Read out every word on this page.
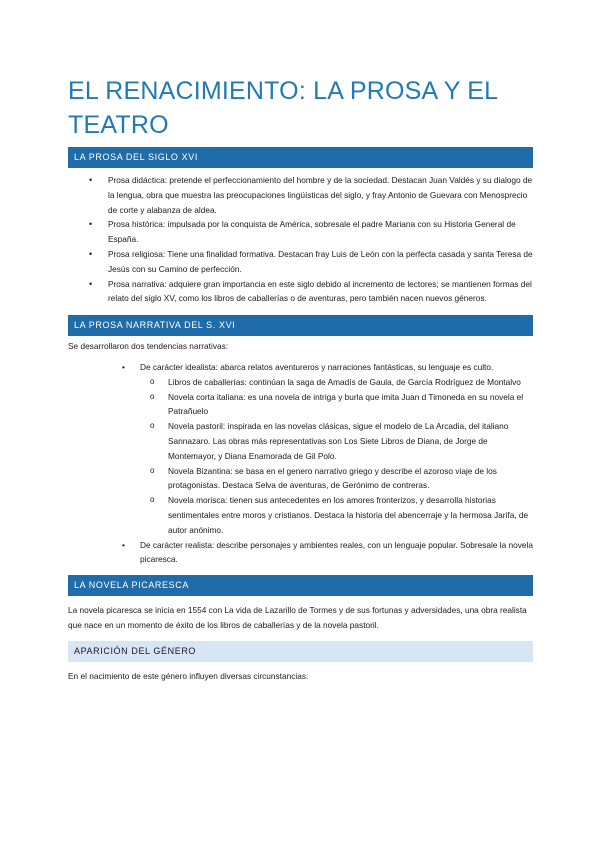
EL RENACIMIENTO: LA PROSA Y EL TEATRO
LA PROSA DEL SIGLO XVI
• Prosa didáctica: pretende el perfeccionamiento del hombre y de la sociedad. Destacan Juan Valdés y su dialogo de la lengua, obra que muestra las preocupaciones lingüísticas del siglo, y fray Antonio de Guevara con Menosprecio de corte y alabanza de aldea.
• Prosa histórica: impulsada por la conquista de América, sobresale el padre Mariana con su Historia General de España.
• Prosa religiosa: Tiene una finalidad formativa. Destacan fray Luis de León con la perfecta casada y santa Teresa de Jesús con su Camino de perfección.
• Prosa narrativa: adquiere gran importancia en este siglo debido al incremento de lectores; se mantienen formas del relato del siglo XV, como los libros de caballerías o de aventuras, pero también nacen nuevos géneros.
LA PROSA NARRATIVA DEL S. XVI
Se desarrollaron dos tendencias narrativas:
• De carácter idealista: abarca relatos aventureros y narraciones fantásticas, su lenguaje es culto.
o Libros de caballerías: continúan la saga de Amadís de Gaula, de García Rodríguez de Montalvo
o Novela corta italiana: es una novela de intriga y burla que imita Juan d Timoneda en su novela el Patrañuelo
o Novela pastoril: inspirada en las novelas clásicas, sigue el modelo de La Arcadia, del italiano Sannazaro. Las obras más representativas son Los Siete Libros de Diana, de Jorge de Montemayor, y Diana Enamorada de Gil Polo.
o Novela Bizantina: se basa en el genero narrativo griego y describe el azoroso viaje de los protagonistas. Destaca Selva de aventuras, de Gerónimo de contreras.
o Novela morisca: tienen sus antecedentes en los amores fronterizos, y desarrolla historias sentimentales entre moros y cristianos. Destaca la historia del abencerraje y la hermosa Jarifa, de autor anónimo.
• De carácter realista: describe personajes y ambientes reales, con un lenguaje popular. Sobresale la novela picaresca.
LA NOVELA PICARESCA
La novela picaresca se inicia en 1554 con La vida de Lazarillo de Tormes y de sus fortunas y adversidades, una obra realista que nace en un momento de éxito de los libros de caballerías y de la novela pastoril.
APARICIÓN DEL GÉNERO
En el nacimiento de este género influyen diversas circunstancias:
